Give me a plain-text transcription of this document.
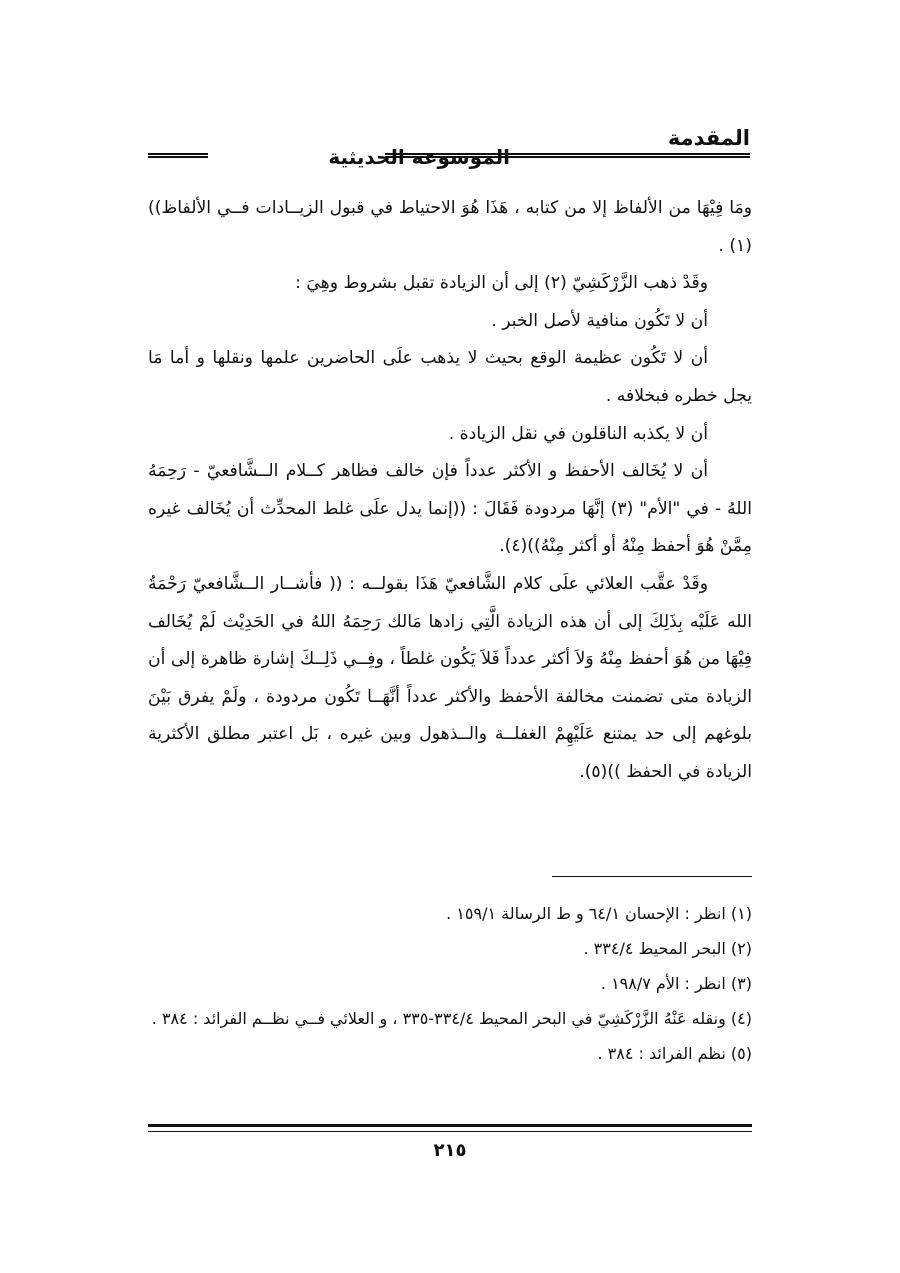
المقدمة
الموسوعة الحديثية

ومَا فِيْهَا من الألفاظ إلا من كتابه ، هَذَا هُوَ الاحتياط في قبول الزيــادات فــي الألفاظ))(١) .

وقَدْ ذهب الزَّرْكَشِيّ (٢) إلى أن الزيادة تقبل بشروط وهِيَ :

أن لا تَكُون منافية لأصل الخبر .

أن لا تَكُون عظيمة الوقع بحيث لا يذهب علَى الحاضرين علمها ونقلها و أما مَا يجل خطره فبخلافه .

أن لا يكذبه الناقلون في نقل الزيادة .

أن لا يُخَالف الأحفظ و الأكثر عدداً فإن خالف فظاهر كــلام الــشَّافعيّ - رَحِمَهُ اللهُ - في "الأم" (٣) إنَّهَا مردودة فَقَالَ : ((إنما يدل علَى غلط المحدِّث أن يُخَالف غيره مِمَّنْ هُوَ أحفظ مِنْهُ أو أكثر مِنْهُ))(٤).

وقَدْ عقَّب العلائي علَى كلام الشَّافعيّ هَذَا بقولــه : (( فأشــار الــشَّافعيّ رَحْمَةُ الله عَلَيْه بِذَلِكَ إلى أن هذه الزيادة الَّتِي زادها مَالك رَحِمَهُ اللهُ في الحَدِيْث لَمْ يُخَالف فِيْهَا من هُوَ أحفظ مِنْهُ وَلاَ أكثر عدداً فَلاَ يَكُون غلطاً ، وفِــي ذَلِــكَ إشارة ظاهرة إلى أن الزيادة متى تضمنت مخالفة الأحفظ والأكثر عدداً أنَّهَــا تَكُون مردودة ، ولَمْ يفرق بَيْنَ بلوغهم إلى حد يمتنع عَلَيْهِمْ الغفلــة والــذهول وبين غيره ، بَل اعتبر مطلق الأكثرية الزيادة في الحفظ ))(٥).

(١) انظر : الإحسان ٦٤/١ و ط الرسالة ١٥٩/١ .

(٢) البحر المحيط ٣٣٤/٤ .

(٣) انظر : الأم ١٩٨/٧ .

(٤) ونقله عَنْهُ الزَّرْكَشِيّ في البحر المحيط ٣٣٤/٤-٣٣٥ ، و العلائي فــي نظــم الفرائد : ٣٨٤ .

(٥) نظم الفرائد : ٣٨٤ .

٢١٥
